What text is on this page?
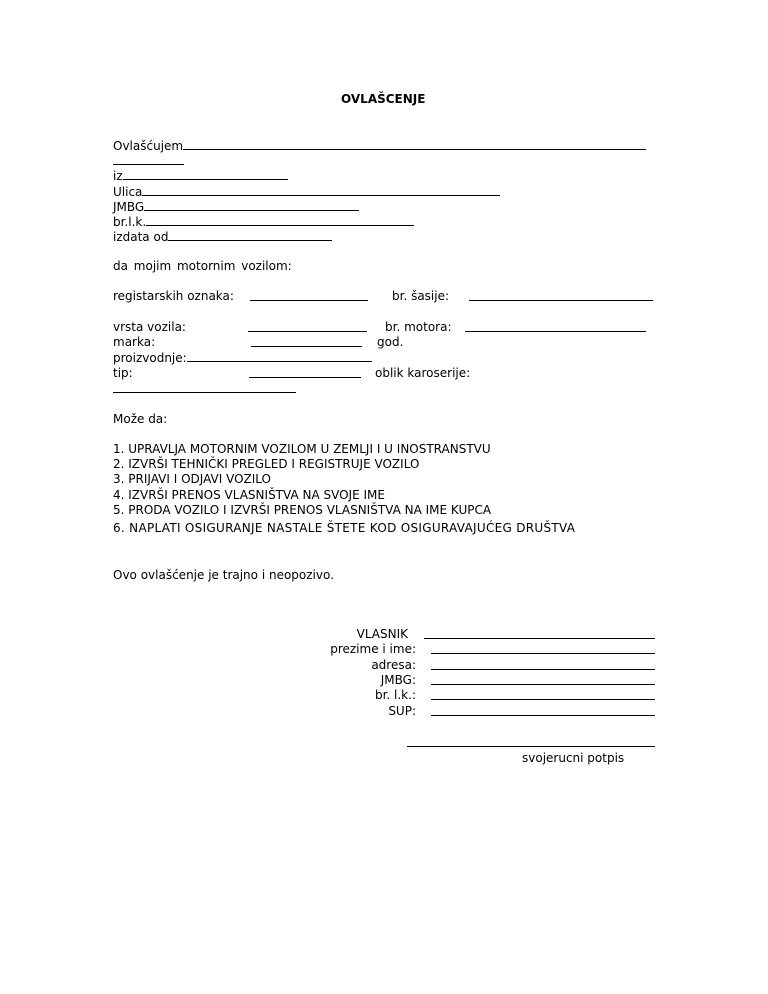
OVLAŠCENJE
Ovlašćujem
iz
Ulica
JMBG
br.l.k.
izdata od
da mojim motornim vozilom:
registarskih oznaka:	br. šasije:
vrsta vozila:	br. motora:
marka:	god.
proizvodnje:
tip:	oblik karoserije:
Može da:
1. UPRAVLJA MOTORNIM VOZILOM U ZEMLJI I U INOSTRANSTVU
2. IZVRŠI TEHNIČKI PREGLED I REGISTRUJE VOZILO
3. PRIJAVI I ODJAVI VOZILO
4. IZVRŠI PRENOS VLASNIŠTVA NA SVOJE IME
5. PRODA VOZILO I IZVRŠI PRENOS VLASNIŠTVA NA IME KUPCA
6. NAPLATI OSIGURANJE NASTALE ŠTETE KOD OSIGURAVAJUĆEG DRUŠTVA
Ovo ovlašćenje je trajno i neopozivo.
VLASNIK
prezime i ime:
adresa:
JMBG:
br. l.k.:
SUP:
svojerucni potpis
